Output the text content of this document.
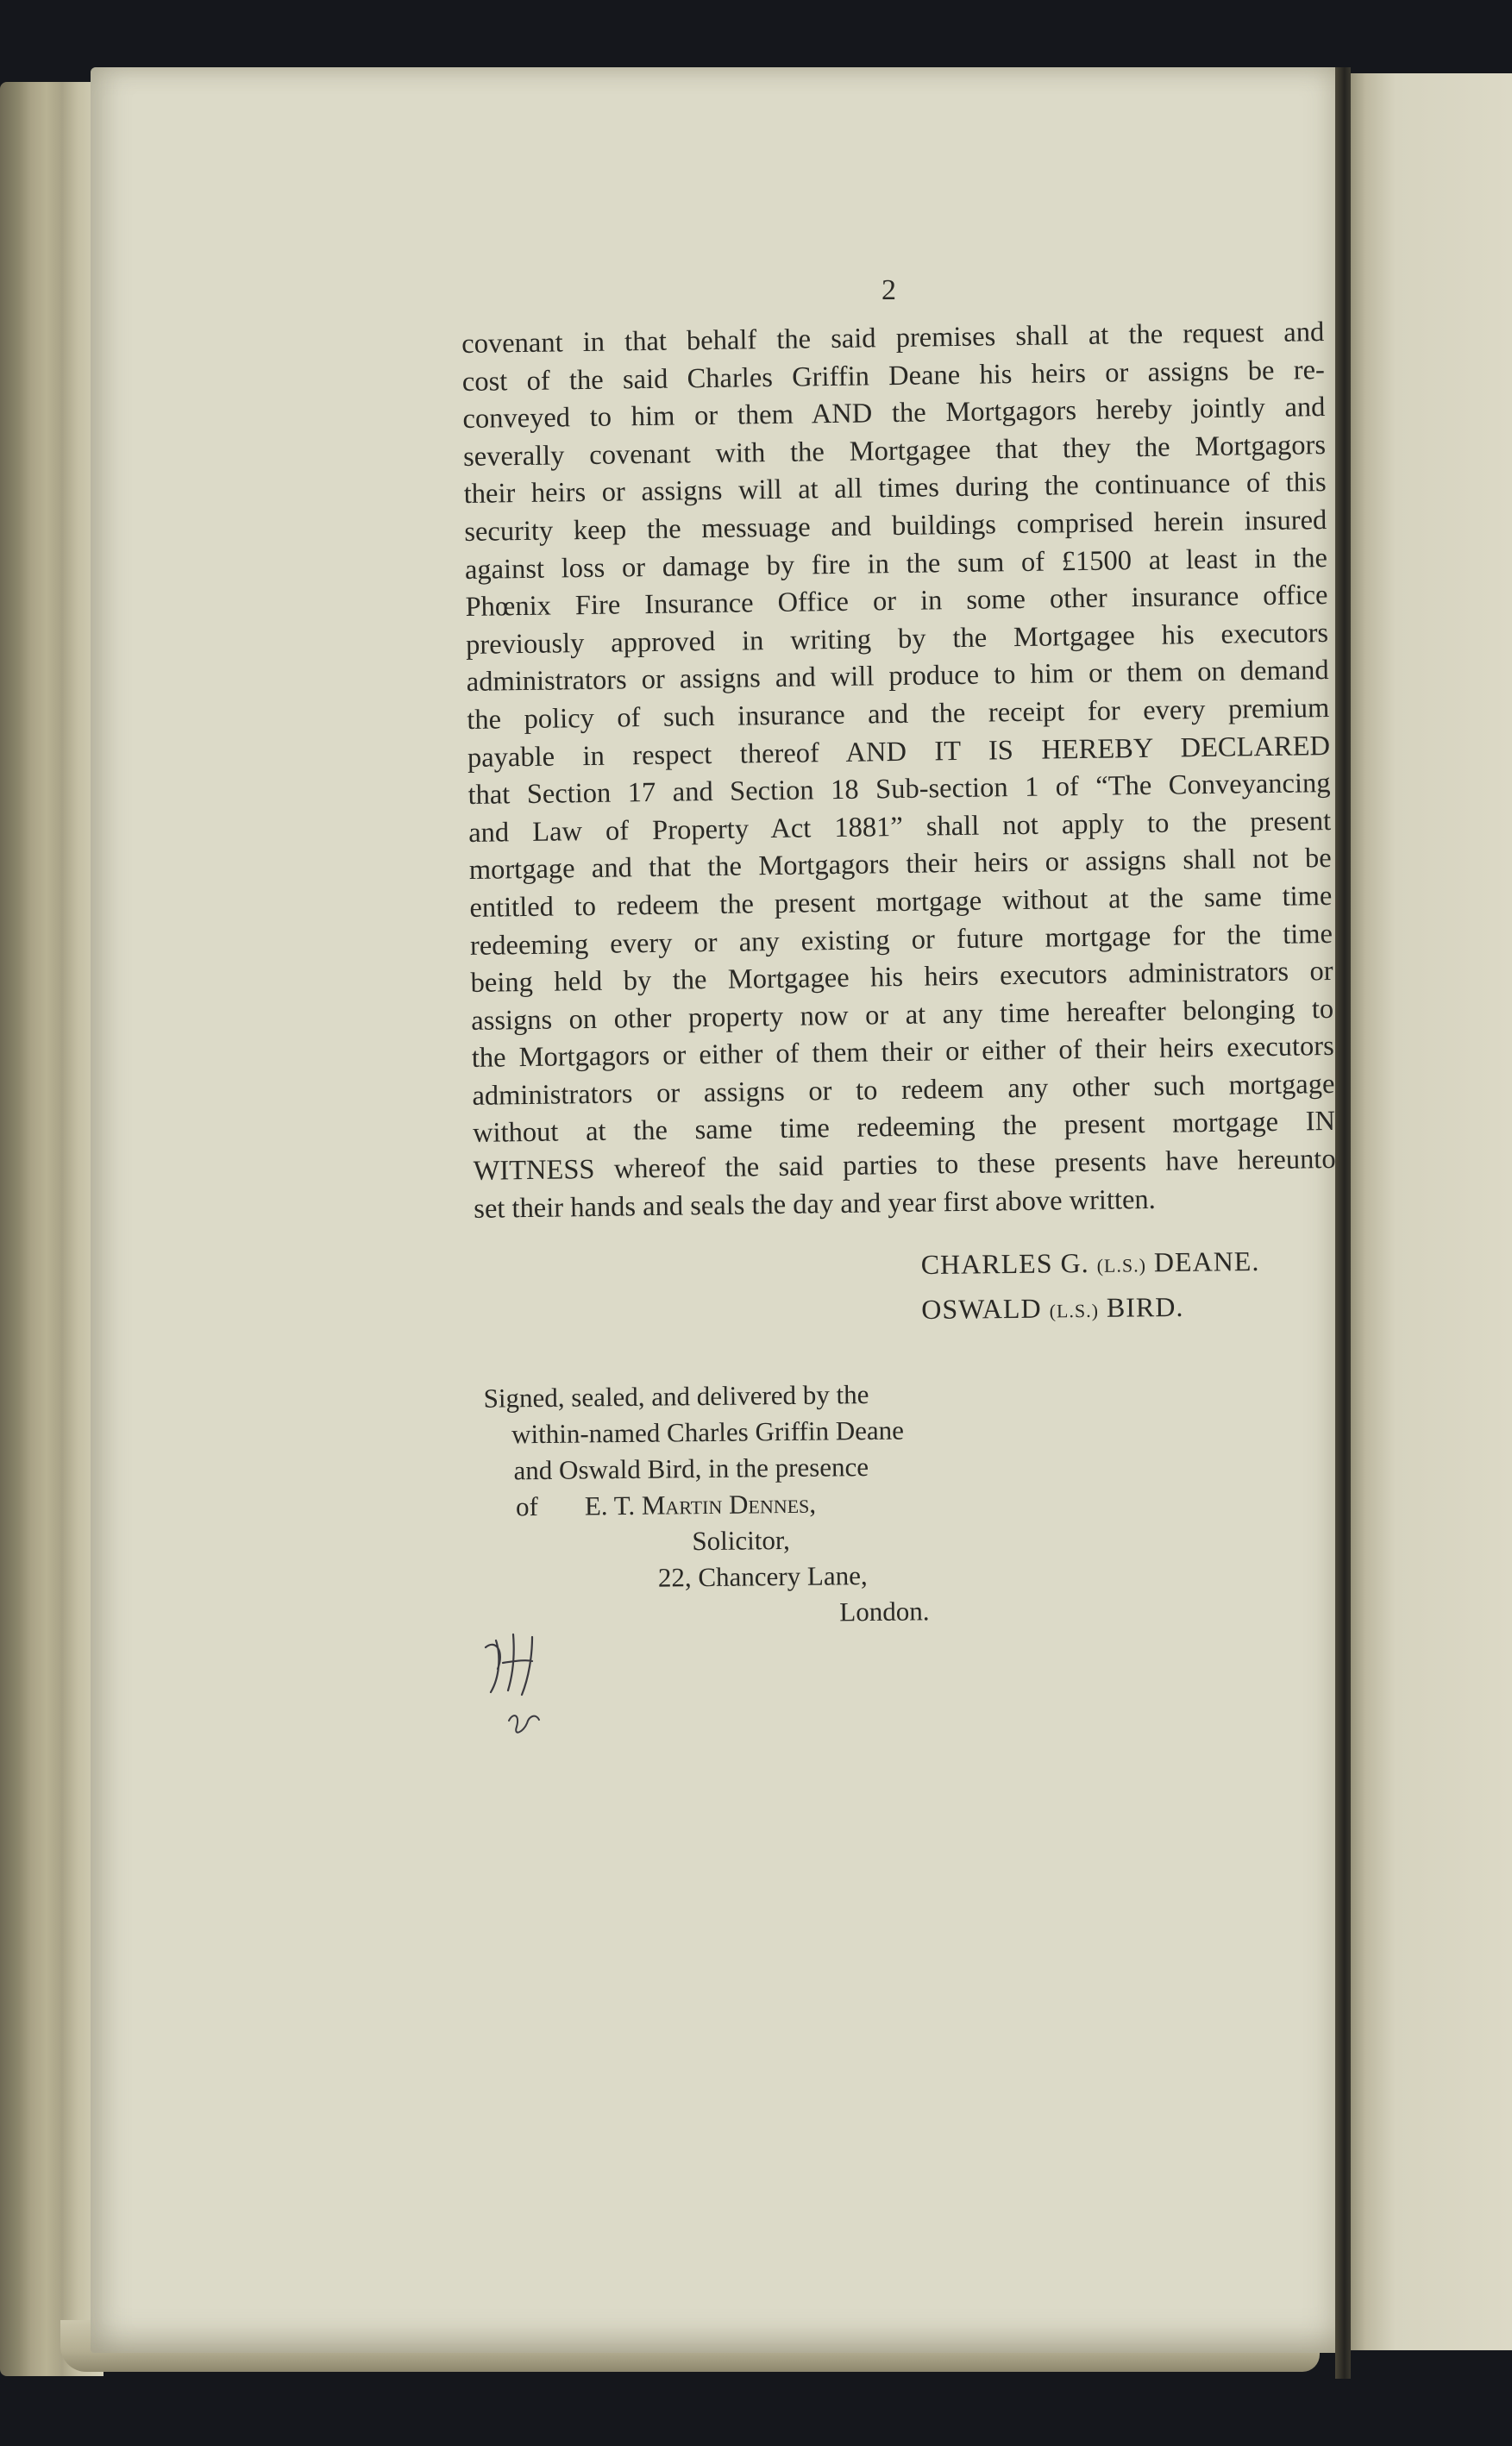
2
covenant in that behalf the said premises shall at the request and
cost of the said Charles Griffin Deane his heirs or assigns be re-
conveyed to him or them AND the Mortgagors hereby jointly and
severally covenant with the Mortgagee that they the Mortgagors
their heirs or assigns will at all times during the continuance of this
security keep the messuage and buildings comprised herein insured
against loss or damage by fire in the sum of £1500 at least in the
Phœnix Fire Insurance Office or in some other insurance office
previously approved in writing by the Mortgagee his executors
administrators or assigns and will produce to him or them on demand
the policy of such insurance and the receipt for every premium
payable in respect thereof AND IT IS HEREBY DECLARED
that Section 17 and Section 18 Sub-section 1 of “The Conveyancing
and Law of Property Act 1881” shall not apply to the present
mortgage and that the Mortgagors their heirs or assigns shall not be
entitled to redeem the present mortgage without at the same time
redeeming every or any existing or future mortgage for the time
being held by the Mortgagee his heirs executors administrators or
assigns on other property now or at any time hereafter belonging to
the Mortgagors or either of them their or either of their heirs executors
administrators or assigns or to redeem any other such mortgage
without at the same time redeeming the present mortgage IN
WITNESS whereof the said parties to these presents have hereunto
set their hands and seals the day and year first above written.
CHARLES G. (L.S.) DEANE.
OSWALD (L.S.) BIRD.
Signed, sealed, and delivered by the
within-named Charles Griffin Deane
and Oswald Bird, in the presence
of E. T. Martin Dennes,
Solicitor,
22, Chancery Lane,
London.
